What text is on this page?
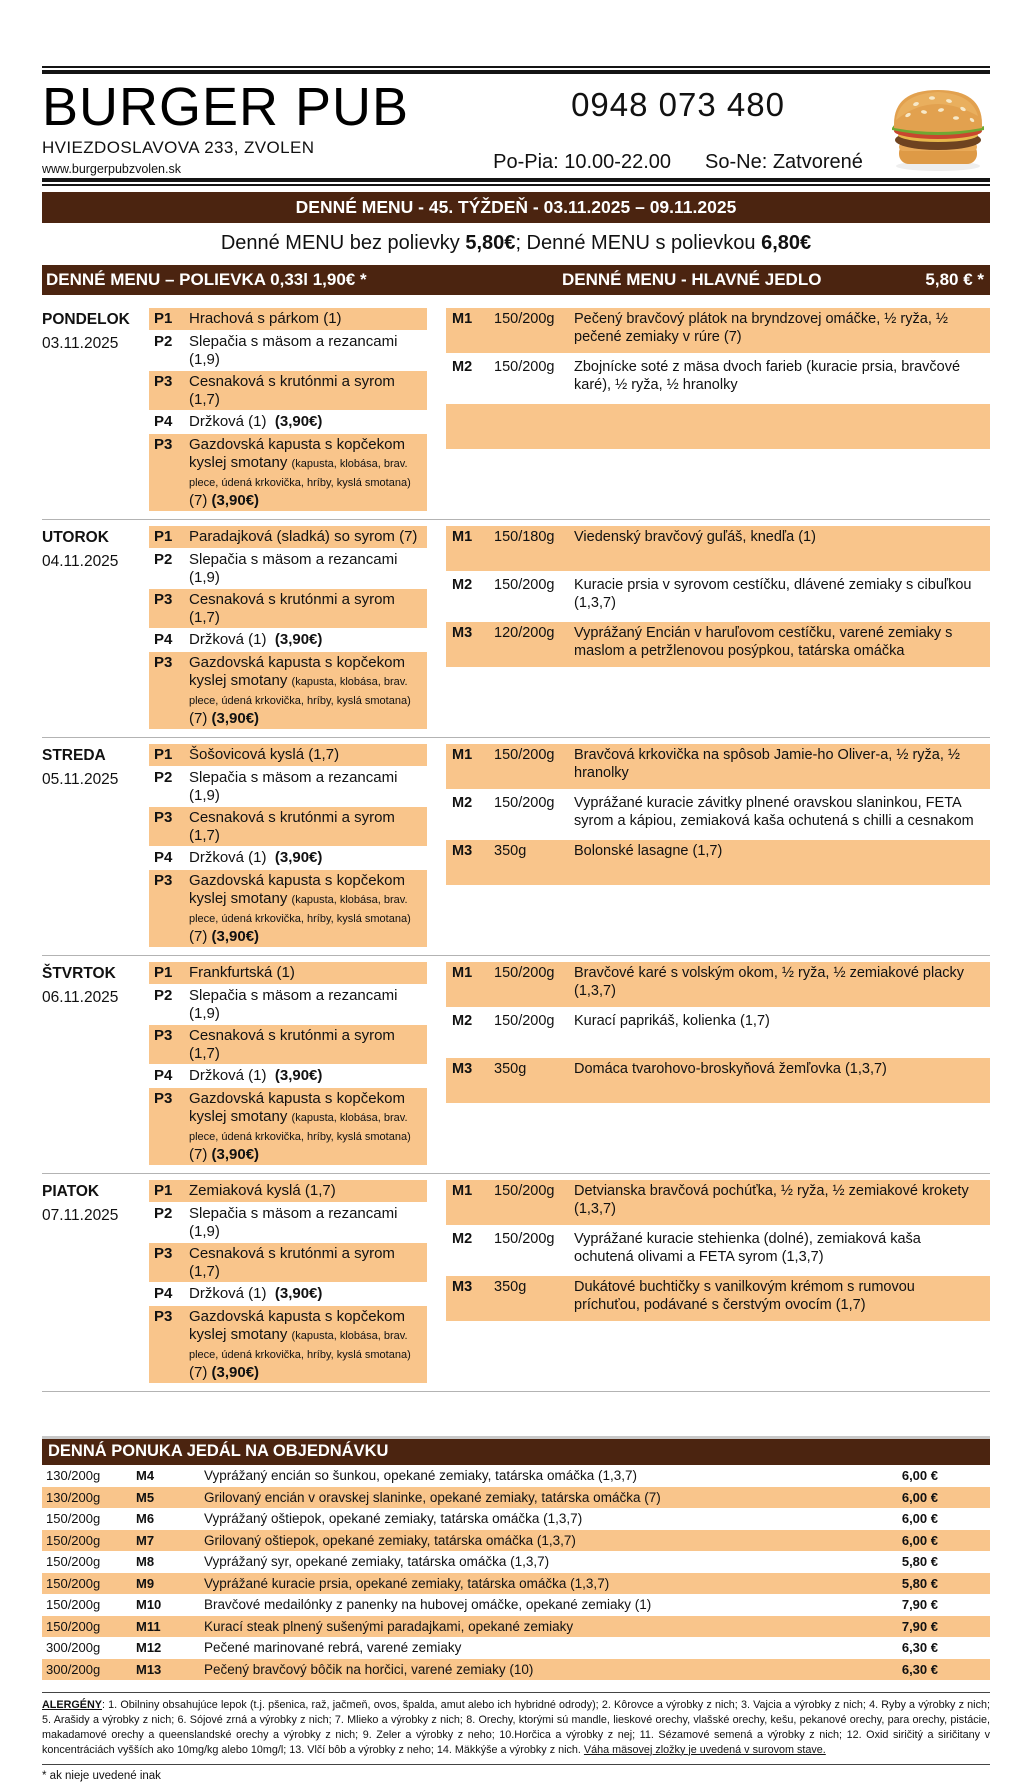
BURGER PUB
HVIEZDOSLAVOVA 233, ZVOLEN
www.burgerpubzvolen.sk
0948 073 480
Po-Pia: 10.00-22.00 So-Ne: Zatvorené
DENNÉ MENU - 45. TÝŽDEŇ - 03.11.2025 – 09.11.2025
Denné MENU bez polievky 5,80€; Denné MENU s polievkou 6,80€
DENNÉ MENU – POLIEVKA 0,33l 1,90€ *	DENNÉ MENU - HLAVNÉ JEDLO	5,80 € *
PONDELOK
03.11.2025
P1	Hrachová s párkom (1)
P2	Slepačia s mäsom a rezancami (1,9)
P3	Cesnaková s krutónmi a syrom (1,7)
P4	Držková (1) (3,90€)
P3	Gazdovská kapusta s kopčekom kyslej smotany (kapusta, klobása, brav. plece, údená krkovička, hríby, kyslá smotana) (7) (3,90€)
M1	150/200g	Pečený bravčový plátok na bryndzovej omáčke, ½ ryža, ½ pečené zemiaky v rúre (7)
M2	150/200g	Zbojnícke soté z mäsa dvoch farieb (kuracie prsia, bravčové karé), ½ ryža, ½ hranolky
UTOROK
04.11.2025
P1	Paradajková (sladká) so syrom (7)
P2	Slepačia s mäsom a rezancami (1,9)
P3	Cesnaková s krutónmi a syrom (1,7)
P4	Držková (1) (3,90€)
P3	Gazdovská kapusta s kopčekom kyslej smotany (kapusta, klobása, brav. plece, údená krkovička, hríby, kyslá smotana) (7) (3,90€)
M1	150/180g	Viedenský bravčový guľáš, knedľa (1)
M2	150/200g	Kuracie prsia v syrovom cestíčku, dlávené zemiaky s cibuľkou (1,3,7)
M3	120/200g	Vyprážaný Encián v haruľovom cestíčku, varené zemiaky s maslom a petržlenovou posýpkou, tatárska omáčka
STREDA
05.11.2025
P1	Šošovicová kyslá (1,7)
P2	Slepačia s mäsom a rezancami (1,9)
P3	Cesnaková s krutónmi a syrom (1,7)
P4	Držková (1) (3,90€)
P3	Gazdovská kapusta s kopčekom kyslej smotany (kapusta, klobása, brav. plece, údená krkovička, hríby, kyslá smotana) (7) (3,90€)
M1	150/200g	Bravčová krkovička na spôsob Jamie-ho Oliver-a, ½ ryža, ½ hranolky
M2	150/200g	Vyprážané kuracie závitky plnené oravskou slaninkou, FETA syrom a kápiou, zemiaková kaša ochutená s chilli a cesnakom
M3	350g	Bolonské lasagne (1,7)
ŠTVRTOK
06.11.2025
P1	Frankfurtská (1)
P2	Slepačia s mäsom a rezancami (1,9)
P3	Cesnaková s krutónmi a syrom (1,7)
P4	Držková (1) (3,90€)
P3	Gazdovská kapusta s kopčekom kyslej smotany (kapusta, klobása, brav. plece, údená krkovička, hríby, kyslá smotana) (7) (3,90€)
M1	150/200g	Bravčové karé s volským okom, ½ ryža, ½ zemiakové placky (1,3,7)
M2	150/200g	Kurací paprikáš, kolienka (1,7)
M3	350g	Domáca tvarohovo-broskyňová žemľovka (1,3,7)
PIATOK
07.11.2025
P1	Zemiaková kyslá (1,7)
P2	Slepačia s mäsom a rezancami (1,9)
P3	Cesnaková s krutónmi a syrom (1,7)
P4	Držková (1) (3,90€)
P3	Gazdovská kapusta s kopčekom kyslej smotany (kapusta, klobása, brav. plece, údená krkovička, hríby, kyslá smotana) (7) (3,90€)
M1	150/200g	Detvianska bravčová pochúťka, ½ ryža, ½ zemiakové krokety (1,3,7)
M2	150/200g	Vyprážané kuracie stehienka (dolné), zemiaková kaša ochutená olivami a FETA syrom (1,3,7)
M3	350g	Dukátové buchtičky s vanilkovým krémom s rumovou príchuťou, podávané s čerstvým ovocím (1,7)
DENNÁ PONUKA JEDÁL NA OBJEDNÁVKU
130/200g	M4	Vyprážaný encián so šunkou, opekané zemiaky, tatárska omáčka (1,3,7)	6,00 €
130/200g	M5	Grilovaný encián v oravskej slaninke, opekané zemiaky, tatárska omáčka (7)	6,00 €
150/200g	M6	Vyprážaný oštiepok, opekané zemiaky, tatárska omáčka (1,3,7)	6,00 €
150/200g	M7	Grilovaný oštiepok, opekané zemiaky, tatárska omáčka (1,3,7)	6,00 €
150/200g	M8	Vyprážaný syr, opekané zemiaky, tatárska omáčka (1,3,7)	5,80 €
150/200g	M9	Vyprážané kuracie prsia, opekané zemiaky, tatárska omáčka (1,3,7)	5,80 €
150/200g	M10	Bravčové medailónky z panenky na hubovej omáčke, opekané zemiaky (1)	7,90 €
150/200g	M11	Kurací steak plnený sušenými paradajkami, opekané zemiaky	7,90 €
300/200g	M12	Pečené marinované rebrá, varené zemiaky	6,30 €
300/200g	M13	Pečený bravčový bôčik na horčici, varené zemiaky (10)	6,30 €

ALERGÉNY: 1. Obilniny obsahujúce lepok (t.j. pšenica, raž, jačmeň, ovos, špalda, amut alebo ich hybridné odrody); 2. Kôrovce a výrobky z nich; 3. Vajcia a výrobky z nich; 4. Ryby a výrobky z nich; 5. Arašidy a výrobky z nich; 6. Sójové zrná a výrobky z nich; 7. Mlieko a výrobky z nich; 8. Orechy, ktorými sú mandle, lieskové orechy, vlašské orechy, kešu, pekanové orechy, para orechy, pistácie, makadamové orechy a queenslandské orechy a výrobky z nich; 9. Zeler a výrobky z neho; 10.Horčica a výrobky z nej; 11. Sézamové semená a výrobky z nich; 12. Oxid siričitý a siričitany v koncentráciách vyšších ako 10mg/kg alebo 10mg/l; 13. Vlčí bôb a výrobky z neho; 14. Mäkkýše a výrobky z nich. Váha mäsovej zložky je uvedená v surovom stave.

* ak nieje uvedené inak
